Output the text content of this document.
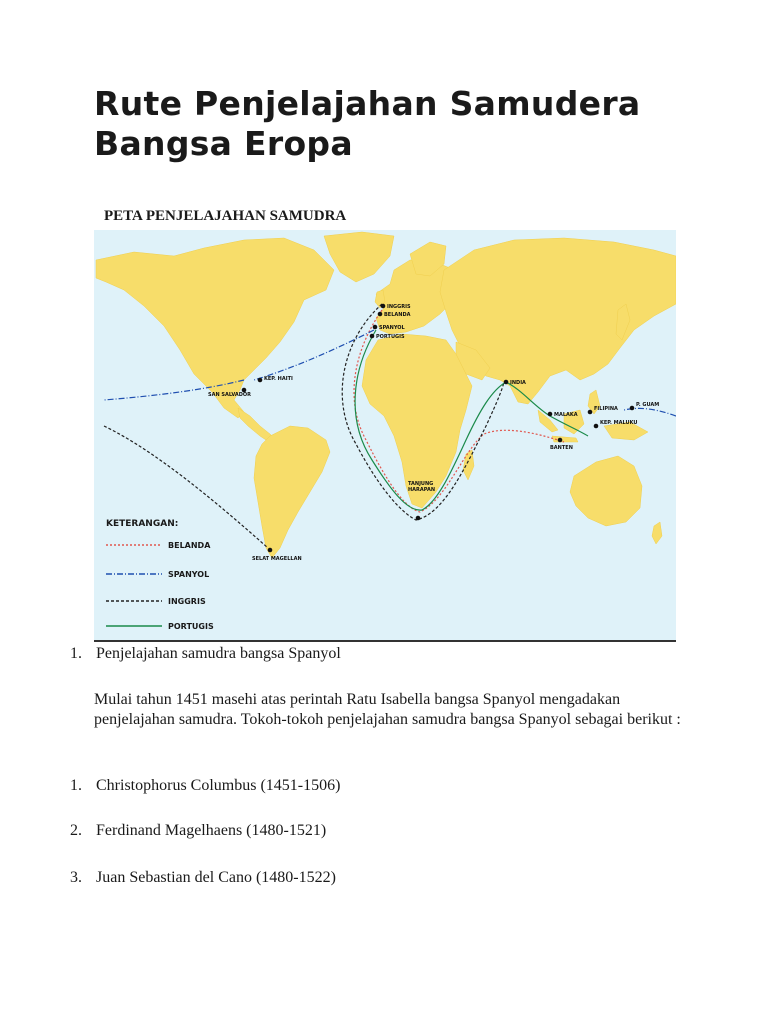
Rute Penjelajahan Samudera Bangsa Eropa
PETA PENJELAJAHAN SAMUDRA
INGGRIS
BELANDA
SPANYOL
PORTUGIS
INDIA
MALAKA
FILIPINA
P. GUAM
KEP. MALUKU
BANTEN
KEP. HAITI
SAN SALVADOR
TANJUNG
HARAPAN
SELAT MAGELLAN
KETERANGAN:
BELANDA
SPANYOL
INGGRIS
PORTUGIS
1. Penjelajahan samudra bangsa Spanyol
Mulai tahun 1451 masehi atas perintah Ratu Isabella bangsa Spanyol mengadakan penjelajahan samudra. Tokoh-tokoh penjelajahan samudra bangsa Spanyol sebagai berikut :
1. Christophorus Columbus (1451-1506)
2. Ferdinand Magelhaens (1480-1521)
3. Juan Sebastian del Cano (1480-1522)
